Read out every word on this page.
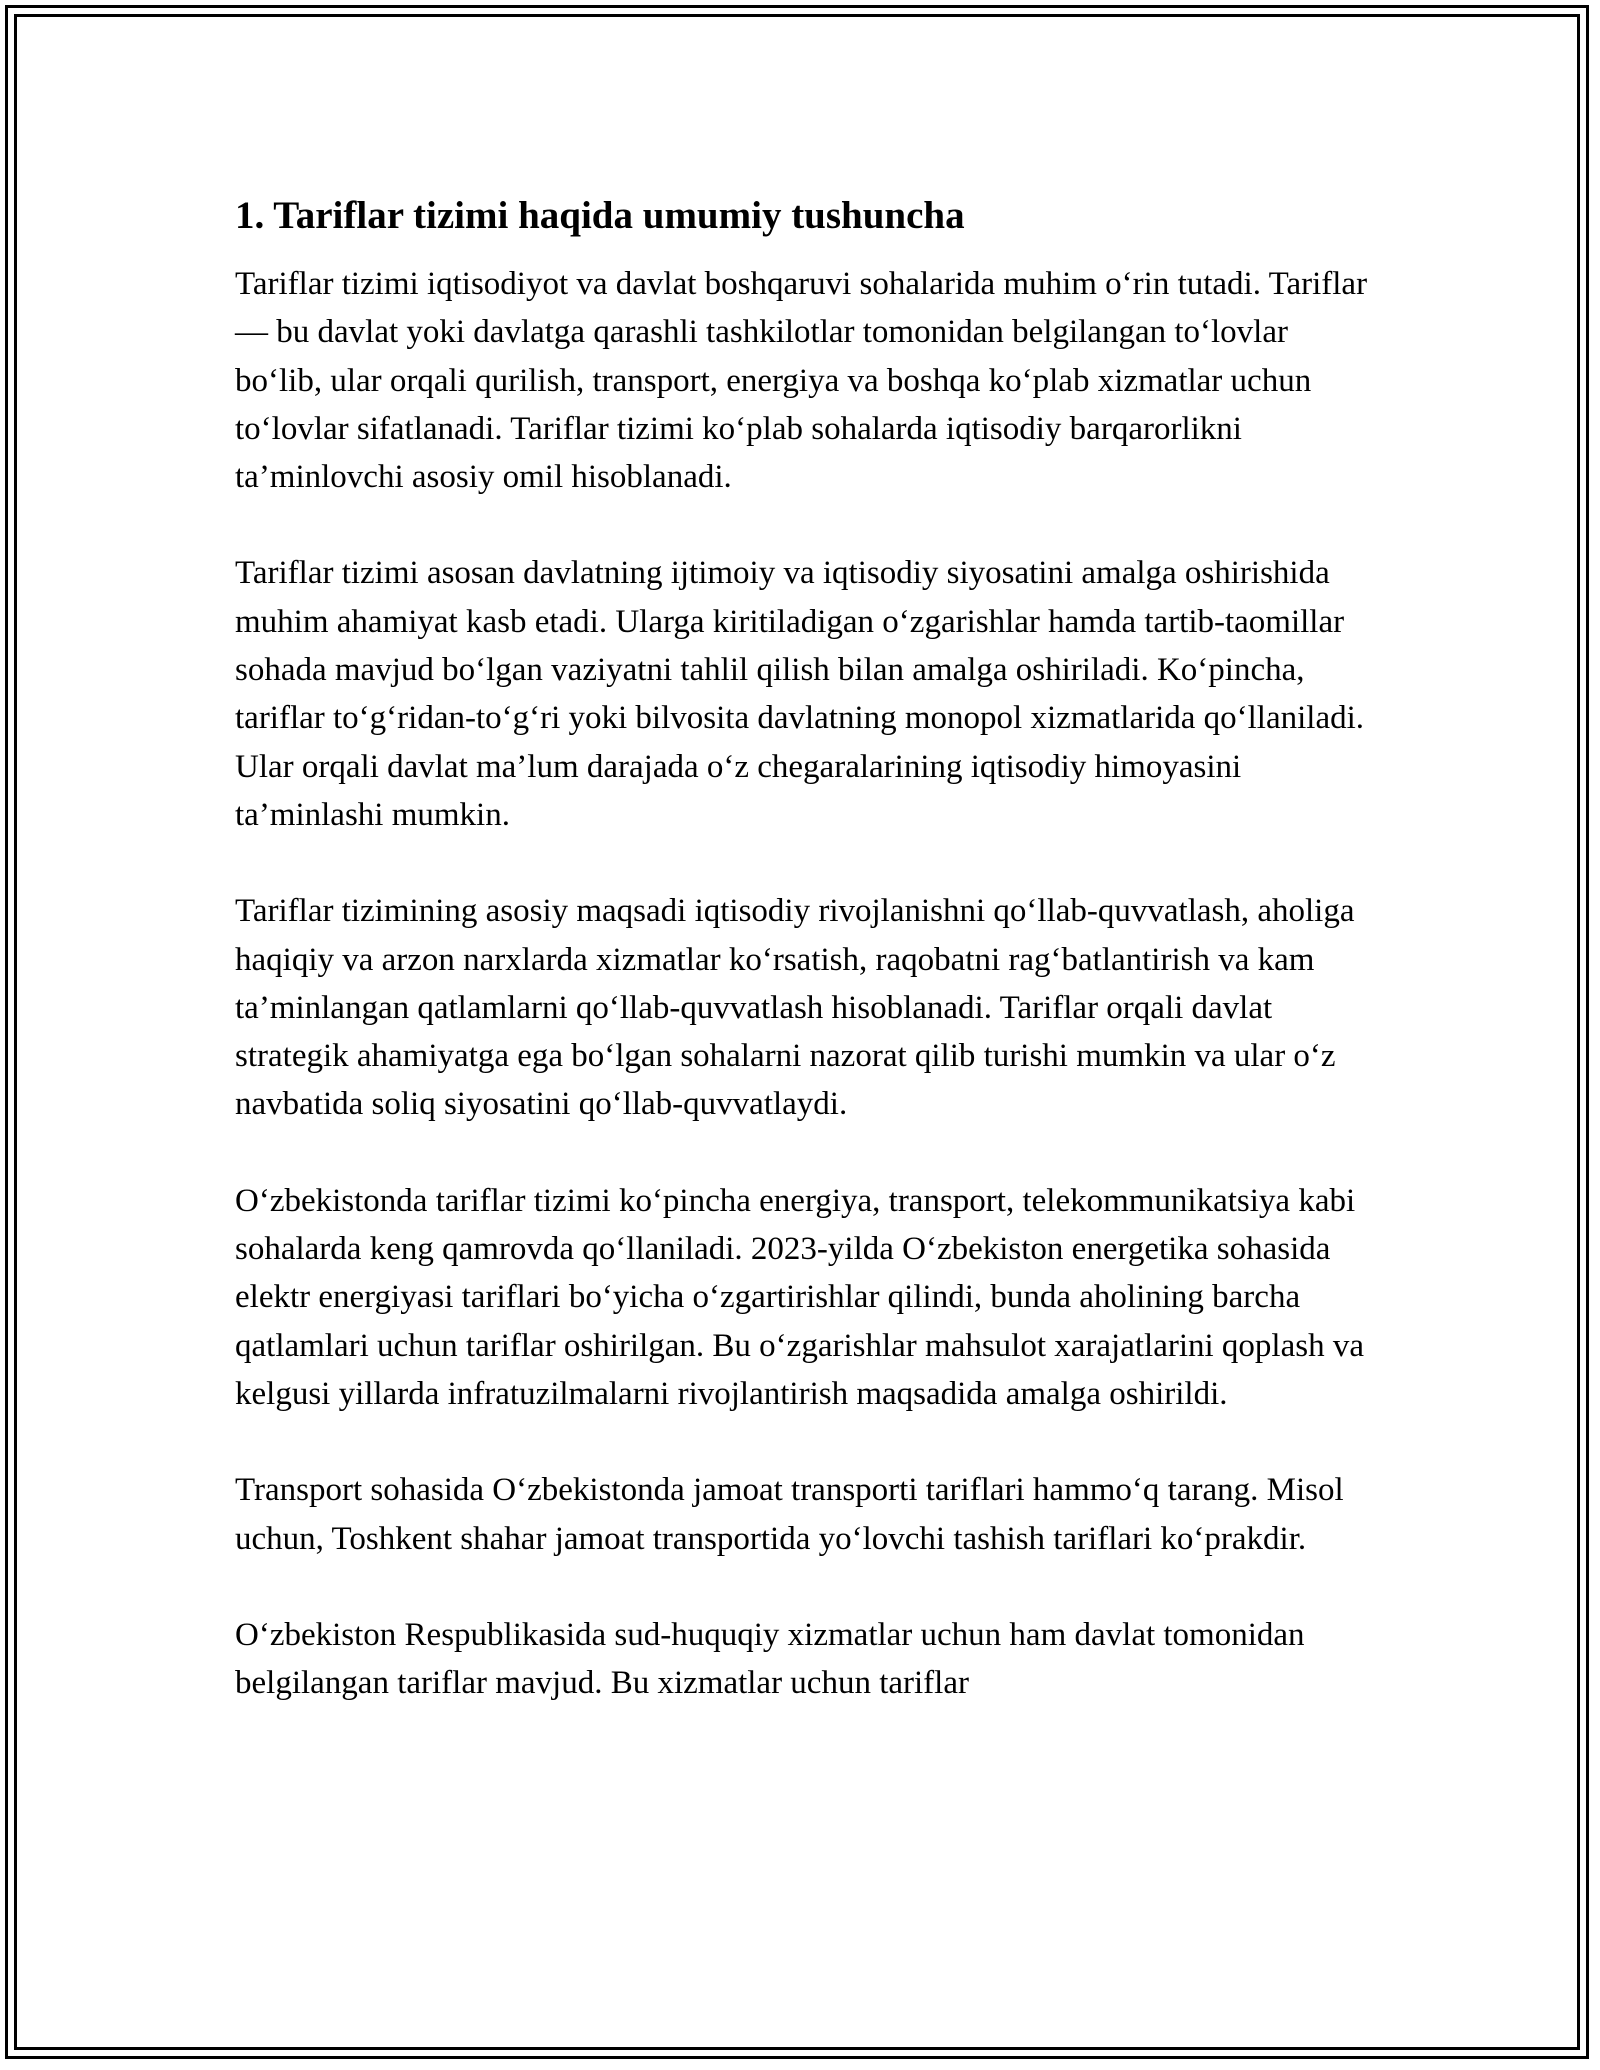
1. Tariflar tizimi haqida umumiy tushuncha

Tariflar tizimi iqtisodiyot va davlat boshqaruvi sohalarida muhim o‘rin tutadi. Tariflar — bu davlat yoki davlatga qarashli tashkilotlar tomonidan belgilangan to‘lovlar bo‘lib, ular orqali qurilish, transport, energiya va boshqa ko‘plab xizmatlar uchun to‘lovlar sifatlanadi. Tariflar tizimi ko‘plab sohalarda iqtisodiy barqarorlikni ta’minlovchi asosiy omil hisoblanadi.

Tariflar tizimi asosan davlatning ijtimoiy va iqtisodiy siyosatini amalga oshirishida muhim ahamiyat kasb etadi. Ularga kiritiladigan o‘zgarishlar hamda tartib-taomillar sohada mavjud bo‘lgan vaziyatni tahlil qilish bilan amalga oshiriladi. Ko‘pincha, tariflar to‘g‘ridan-to‘g‘ri yoki bilvosita davlatning monopol xizmatlarida qo‘llaniladi. Ular orqali davlat ma’lum darajada o‘z chegaralarining iqtisodiy himoyasini ta’minlashi mumkin.

Tariflar tizimining asosiy maqsadi iqtisodiy rivojlanishni qo‘llab-quvvatlash, aholiga haqiqiy va arzon narxlarda xizmatlar ko‘rsatish, raqobatni rag‘batlantirish va kam ta’minlangan qatlamlarni qo‘llab-quvvatlash hisoblanadi. Tariflar orqali davlat strategik ahamiyatga ega bo‘lgan sohalarni nazorat qilib turishi mumkin va ular o‘z navbatida soliq siyosatini qo‘llab-quvvatlaydi.

O‘zbekistonda tariflar tizimi ko‘pincha energiya, transport, telekommunikatsiya kabi sohalarda keng qamrovda qo‘llaniladi. 2023-yilda O‘zbekiston energetika sohasida elektr energiyasi tariflari bo‘yicha o‘zgartirishlar qilindi, bunda aholining barcha qatlamlari uchun tariflar oshirilgan. Bu o‘zgarishlar mahsulot xarajatlarini qoplash va kelgusi yillarda infratuzilmalarni rivojlantirish maqsadida amalga oshirildi.

Transport sohasida O‘zbekistonda jamoat transporti tariflari hammo‘q tarang. Misol uchun, Toshkent shahar jamoat transportida yo‘lovchi tashish tariflari ko‘prakdir.

O‘zbekiston Respublikasida sud-huquqiy xizmatlar uchun ham davlat tomonidan belgilangan tariflar mavjud. Bu xizmatlar uchun tariflar
